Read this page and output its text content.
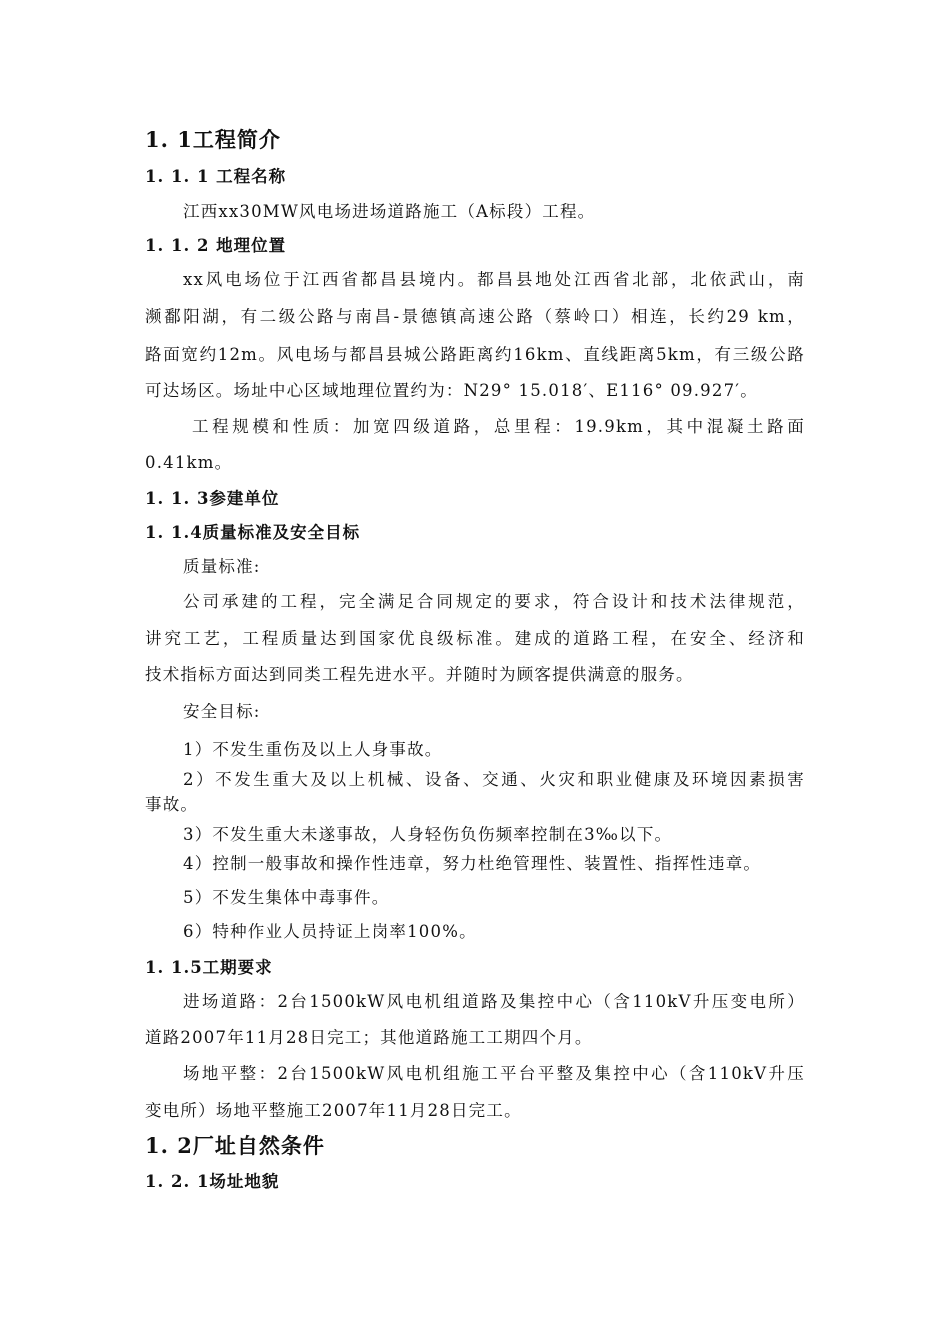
1. 1工程简介
1. 1. 1 工程名称
江西xx30MW风电场进场道路施工（A标段）工程。
1. 1. 2 地理位置
xx风电场位于江西省都昌县境内。都昌县地处江西省北部，北依武山，南
濒鄱阳湖，有二级公路与南昌-景德镇高速公路（蔡岭口）相连，长约29 km，
路面宽约12m。风电场与都昌县城公路距离约16km、直线距离5km，有三级公路
可达场区。场址中心区域地理位置约为：N29° 15.018′、E116° 09.927′。
工程规模和性质：加宽四级道路，总里程：19.9km，其中混凝土路面
0.41km。
1. 1. 3参建单位
1. 1.4质量标准及安全目标
质量标准:
公司承建的工程，完全满足合同规定的要求，符合设计和技术法律规范，
讲究工艺，工程质量达到国家优良级标准。建成的道路工程，在安全、经济和
技术指标方面达到同类工程先进水平。并随时为顾客提供满意的服务。
安全目标:
1）不发生重伤及以上人身事故。
2）不发生重大及以上机械、设备、交通、火灾和职业健康及环境因素损害
事故。
3）不发生重大未遂事故，人身轻伤负伤频率控制在3‰以下。
4）控制一般事故和操作性违章，努力杜绝管理性、装置性、指挥性违章。
5）不发生集体中毒事件。
6）特种作业人员持证上岗率100%。
1. 1.5工期要求
进场道路：2台1500kW风电机组道路及集控中心（含110kV升压变电所）
道路2007年11月28日完工；其他道路施工工期四个月。
场地平整：2台1500kW风电机组施工平台平整及集控中心（含110kV升压
变电所）场地平整施工2007年11月28日完工。
1. 2厂址自然条件
1. 2. 1场址地貌
